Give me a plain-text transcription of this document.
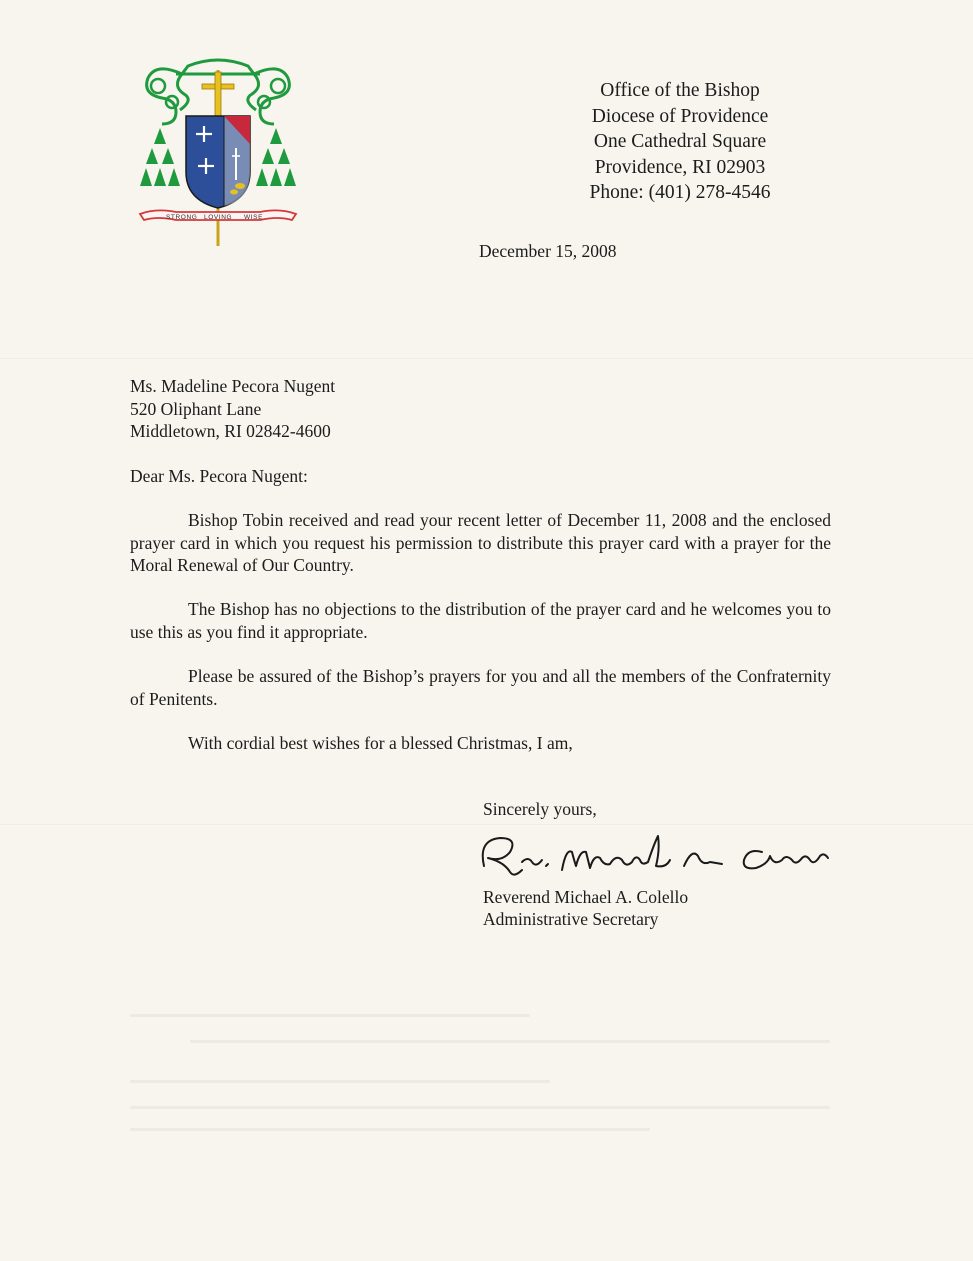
STRONG LOVING WISE
Office of the Bishop
Diocese of Providence
One Cathedral Square
Providence, RI 02903
Phone: (401) 278-4546
December 15, 2008
Ms. Madeline Pecora Nugent
520 Oliphant Lane
Middletown, RI 02842-4600
Dear Ms. Pecora Nugent:
Bishop Tobin received and read your recent letter of December 11, 2008 and the enclosed prayer card in which you request his permission to distribute this prayer card with a prayer for the Moral Renewal of Our Country.
The Bishop has no objections to the distribution of the prayer card and he welcomes you to use this as you find it appropriate.
Please be assured of the Bishop’s prayers for you and all the members of the Confraternity of Penitents.
With cordial best wishes for a blessed Christmas, I am,
Sincerely yours,
Reverend Michael A. Colello
Administrative Secretary
